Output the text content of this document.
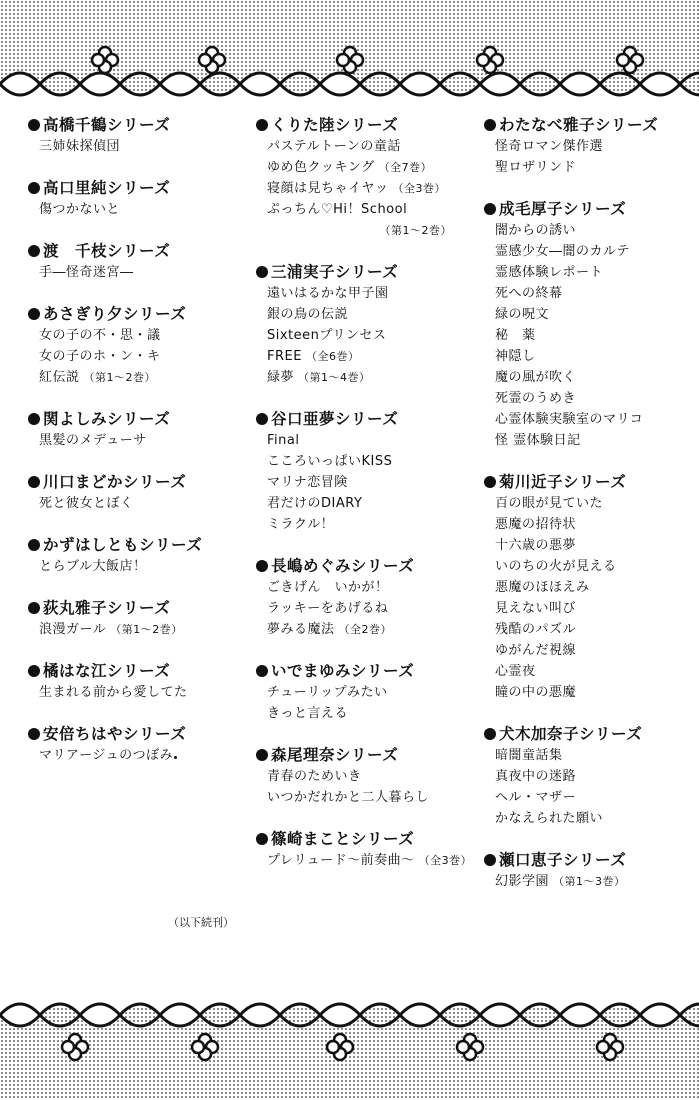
高橋千鶴シリーズ
三姉妹探偵団
高口里純シリーズ
傷つかないと
渡　千枝シリーズ
手―怪奇迷宮―
あさぎり夕シリーズ
女の子の不・思・議
女の子のホ・ン・キ
紅伝説 （第1～2巻）
関よしみシリーズ
黒髪のメデューサ
川口まどかシリーズ
死と彼女とぼく
かずはしともシリーズ
とらブル大飯店！
荻丸雅子シリーズ
浪漫ガール （第1～2巻）
橘はな江シリーズ
生まれる前から愛してた
安倍ちはやシリーズ
マリアージュのつぼみ
（以下続刊）
くりた陸シリーズ
パステルトーンの童話
ゆめ色クッキング （全7巻）
寝顔は見ちゃイヤッ （全3巻）
ぷっちん♡Hi！School
（第1～2巻）
三浦実子シリーズ
遠いはるかな甲子園
銀の鳥の伝説
Sixteenプリンセス
FREE （全6巻）
緑夢 （第1～4巻）
谷口亜夢シリーズ
Final
こころいっぱいKISS
マリナ恋冒険
君だけのDIARY
ミラクル！
長嶋めぐみシリーズ
ごきげん　いかが！
ラッキーをあげるね
夢みる魔法 （全2巻）
いでまゆみシリーズ
チューリップみたい
きっと言える
森尾理奈シリーズ
青春のためいき
いつかだれかと二人暮らし
篠崎まことシリーズ
プレリュード～前奏曲～ （全3巻）
わたなべ雅子シリーズ
怪奇ロマン傑作選
聖ロザリンド
成毛厚子シリーズ
闇からの誘い
霊感少女―闇のカルテ
霊感体験レポート
死への終幕
緑の呪文
秘　薬
神隠し
魔の風が吹く
死霊のうめき
心霊体験実験室のマリコ
怪 霊体験日記
菊川近子シリーズ
百の眼が見ていた
悪魔の招待状
十六歳の悪夢
いのちの火が見える
悪魔のほほえみ
見えない叫び
残酷のパズル
ゆがんだ視線
心霊夜
瞳の中の悪魔
犬木加奈子シリーズ
暗闇童話集
真夜中の迷路
ヘル・マザー
かなえられた願い
瀬口恵子シリーズ
幻影学園 （第1～3巻）
